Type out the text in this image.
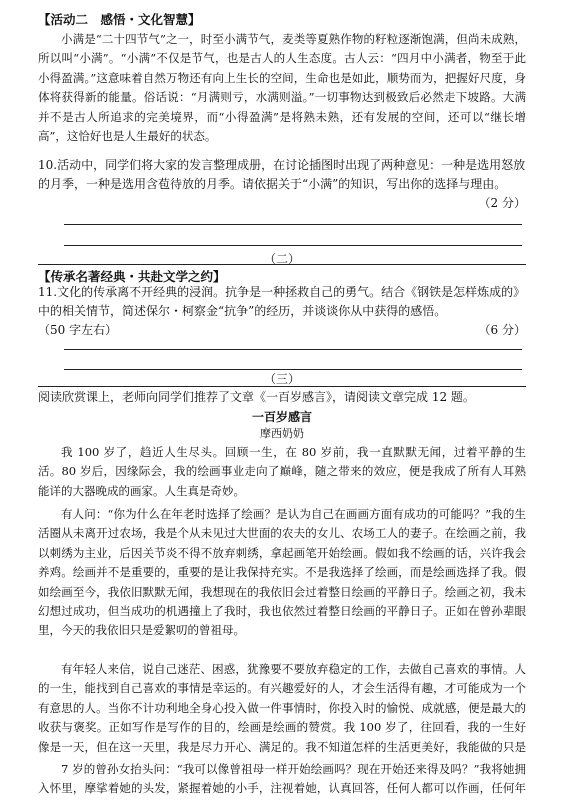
【活动二　感悟・文化智慧】
小满是“二十四节气”之一，时至小满节气，麦类等夏熟作物的籽粒逐渐饱满，但尚未成熟，所以叫“小满”。“小满”不仅是节气，也是古人的人生态度。古人云：“四月中小满者，物至于此小得盈满。”这意味着自然万物还有向上生长的空间，生命也是如此，顺势而为，把握好尺度，身体将获得新的能量。俗话说：“月满则亏，水满则溢。”一切事物达到极致后必然走下坡路。大满并不是古人所追求的完美境界，而“小得盈满”是将熟未熟，还有发展的空间，还可以“继长增高”，这恰好也是人生最好的状态。
10.活动中，同学们将大家的发言整理成册，在讨论插图时出现了两种意见：一种是选用怒放的月季，一种是选用含苞待放的月季。请依据关于“小满”的知识，写出你的选择与理由。
（2 分）
（二）
【传承名著经典・共赴文学之约】
11.文化的传承离不开经典的浸润。抗争是一种拯救自己的勇气。结合《钢铁是怎样炼成的》中的相关情节，简述保尔・柯察金“抗争”的经历，并谈谈你从中获得的感悟。
（50 字左右）	（6 分）
（三）
阅读欣赏课上，老师向同学们推荐了文章《一百岁感言》，请阅读文章完成 12 题。
一百岁感言
摩西奶奶
我 100 岁了，趋近人生尽头。回顾一生，在 80 岁前，我一直默默无闻，过着平静的生活。80 岁后，因缘际会，我的绘画事业走向了巅峰，随之带来的效应，便是我成了所有人耳熟能详的大器晚成的画家。人生真是奇妙。
有人问：“你为什么在年老时选择了绘画？是认为自己在画画方面有成功的可能吗？”我的生活圈从未离开过农场，我是个从未见过大世面的农夫的女儿、农场工人的妻子。在绘画之前，我以刺绣为主业，后因关节炎不得不放弃刺绣，拿起画笔开始绘画。假如我不绘画的话，兴许我会养鸡。绘画并不是重要的，重要的是让我保持充实。不是我选择了绘画，而是绘画选择了我。假如绘画至今，我依旧默默无闻，我想现在的我依旧会过着整日绘画的平静日子。绘画之初，我未幻想过成功，但当成功的机遇撞上了我时，我也依然过着整日绘画的平静日子。正如在曾孙辈眼里，今天的我依旧只是爱絮叨的曾祖母。
有年轻人来信，说自己迷茫、困惑，犹豫要不要放弃稳定的工作，去做自己喜欢的事情。人的一生，能找到自己喜欢的事情是幸运的。有兴趣爱好的人，才会生活得有趣，才可能成为一个有意思的人。当你不计功利地全身心投入做一件事情时，你投入时的愉悦、成就感，便是最大的收获与褒奖。正如写作是写作的目的，绘画是绘画的赞赏。我 100 岁了，往回看，我的一生好像是一天，但在这一天里，我是尽力开心、满足的。我不知道怎样的生活更美好，我能做的只是
7 岁的曾孙女抬头问：“我可以像曾祖母一样开始绘画吗？现在开始还来得及吗？”我将她拥入怀里，摩挲着她的头发，紧握着她的小手，注视着她，认真回答，任何人都可以作画，任何年
